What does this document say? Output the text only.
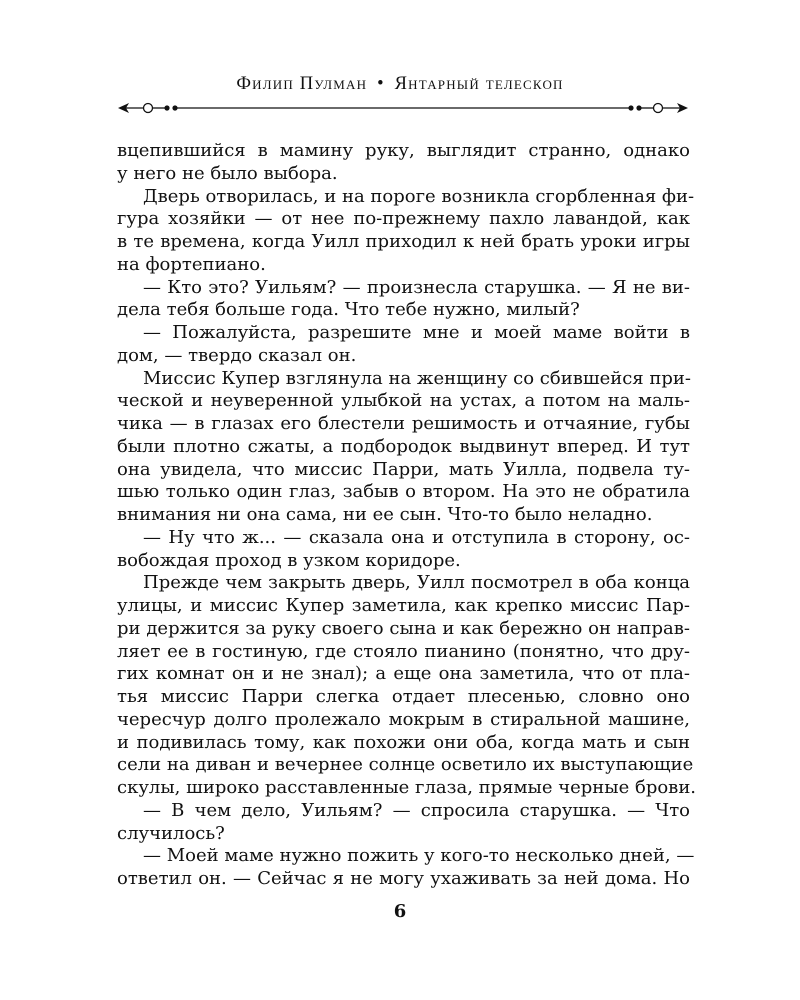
Филип Пулман • Янтарный телескоп
вцепившийся в мамину руку, выглядит странно, однако
у него не было выбора.
Дверь отворилась, и на пороге возникла сгорбленная фи-
гура хозяйки — от нее по-прежнему пахло лавандой, как
в те времена, когда Уилл приходил к ней брать уроки игры
на фортепиано.
— Кто это? Уильям? — произнесла старушка. — Я не ви-
дела тебя больше года. Что тебе нужно, милый?
— Пожалуйста, разрешите мне и моей маме войти в
дом, — твердо сказал он.
Миссис Купер взглянула на женщину со сбившейся при-
ческой и неуверенной улыбкой на устах, а потом на маль-
чика — в глазах его блестели решимость и отчаяние, губы
были плотно сжаты, а подбородок выдвинут вперед. И тут
она увидела, что миссис Парри, мать Уилла, подвела ту-
шью только один глаз, забыв о втором. На это не обратила
внимания ни она сама, ни ее сын. Что-то было неладно.
— Ну что ж... — сказала она и отступила в сторону, ос-
вобождая проход в узком коридоре.
Прежде чем закрыть дверь, Уилл посмотрел в оба конца
улицы, и миссис Купер заметила, как крепко миссис Пар-
ри держится за руку своего сына и как бережно он направ-
ляет ее в гостиную, где стояло пианино (понятно, что дру-
гих комнат он и не знал); а еще она заметила, что от пла-
тья миссис Парри слегка отдает плесенью, словно оно
чересчур долго пролежало мокрым в стиральной машине,
и подивилась тому, как похожи они оба, когда мать и сын
сели на диван и вечернее солнце осветило их выступающие
скулы, широко расставленные глаза, прямые черные брови.
— В чем дело, Уильям? — спросила старушка. — Что
случилось?
— Моей маме нужно пожить у кого-то несколько дней, —
ответил он. — Сейчас я не могу ухаживать за ней дома. Но
6
